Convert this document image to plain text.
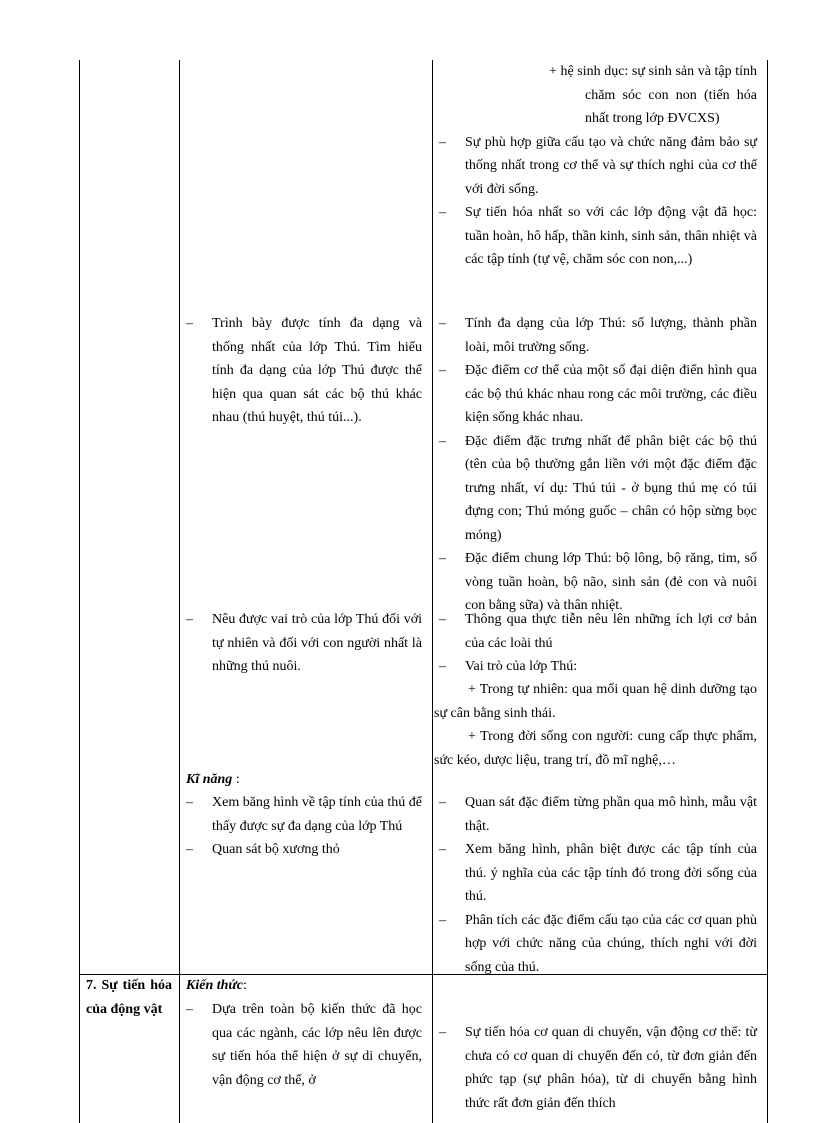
+ hệ sinh dục: sự sinh sản và tập tính chăm sóc con non (tiến hóa nhất trong lớp ĐVCXS)
– Sự phù hợp giữa cấu tạo và chức năng đảm bảo sự thống nhất trong cơ thể và sự thích nghi của cơ thể với đời sống.
– Sự tiến hóa nhất so với các lớp động vật đã học: tuần hoàn, hô hấp, thần kinh, sinh sản, thân nhiệt và các tập tính (tự vệ, chăm sóc con non,...)
– Trình bày được tính đa dạng và thống nhất của lớp Thú. Tìm hiểu tính đa dạng của lớp Thú được thể hiện qua quan sát các bộ thú khác nhau (thú huyệt, thú túi...).
– Tính đa dạng của lớp Thú: số lượng, thành phần loài, môi trường sống.
– Đặc điểm cơ thể của một số đại diện điển hình qua các bộ thú khác nhau rong các môi trường, các điều kiện sống khác nhau.
– Đặc điểm đặc trưng nhất để phân biệt các bộ thú (tên của bộ thường gắn liền với một đặc điểm đặc trưng nhất, ví dụ: Thú túi - ở bụng thú mẹ có túi đựng con; Thú móng guốc – chân có hộp sừng bọc móng)
– Đặc điểm chung lớp Thú: bộ lông, bộ răng, tim, số vòng tuần hoàn, bộ não, sinh sản (đẻ con và nuôi con bằng sữa) và thân nhiệt.
– Nêu được vai trò của lớp Thú đối với tự nhiên và đối với con người nhất là những thú nuôi.
– Thông qua thực tiễn nêu lên những ích lợi cơ bản của các loài thú
– Vai trò của lớp Thú:
+ Trong tự nhiên: qua mối quan hệ dinh dưỡng tạo sự cân bằng sinh thái.
+ Trong đời sống con người: cung cấp thực phẩm, sức kéo, dược liệu, trang trí, đồ mĩ nghệ,…
Kĩ năng :
– Xem băng hình về tập tính của thú để thấy được sự đa dạng của lớp Thú
– Quan sát bộ xương thỏ
– Quan sát đặc điểm từng phần qua mô hình, mẫu vật thật.
– Xem băng hình, phân biệt được các tập tính của thú. ý nghĩa của các tập tính đó trong đời sống của thú.
– Phân tích các đặc điểm cấu tạo của các cơ quan phù hợp với chức năng của chúng, thích nghi với đời sống của thú.
7. Sự tiến hóa của động vật
Kiến thức:
– Dựa trên toàn bộ kiến thức đã học qua các ngành, các lớp nêu lên được sự tiến hóa thể hiện ở sự di chuyển, vận động cơ thể, ở
– Sự tiến hóa cơ quan di chuyển, vận động cơ thể: từ chưa có cơ quan di chuyển đến có, từ đơn giản đến phức tạp (sự phân hóa), từ di chuyển bằng hình thức rất đơn giản đến thích
